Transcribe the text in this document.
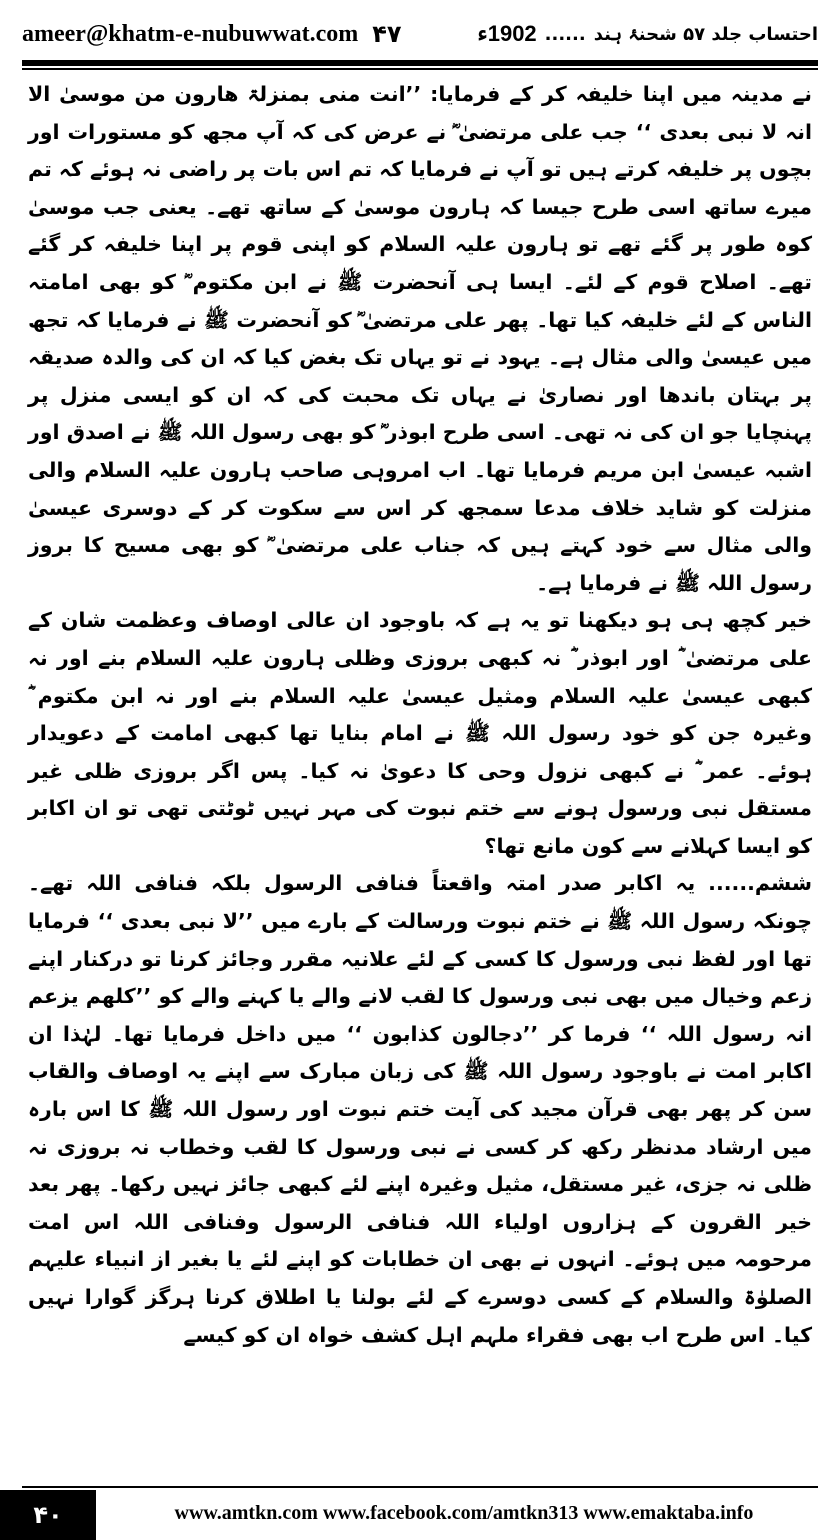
ameer@khatm-e-nubuwwat.com ۴۷	احتساب جلد ۵۷ شحنۂ ہند
......
1902ء

نے مدینہ میں اپنا خلیفہ کر کے فرمایا: ’’انت منی بمنزلۃ ھارون من موسیٰ الا انہ لا نبی بعدی ‘‘ جب علی مرتضیٰ ؓ نے عرض کی کہ آپ مجھ کو مستورات اور بچوں پر خلیفہ کرتے ہیں تو آپ نے فرمایا کہ تم اس بات پر راضی نہ ہوئے کہ تم میرے ساتھ اسی طرح جیسا کہ ہارون موسیٰ کے ساتھ تھے۔ یعنی جب موسیٰ کوہ طور پر گئے تھے تو ہارون علیہ السلام کو اپنی قوم پر اپنا خلیفہ کر گئے تھے۔ اصلاح قوم کے لئے۔ ایسا ہی آنحضرت ﷺ نے ابن مکتوم ؓ کو بھی امامتہ الناس کے لئے خلیفہ کیا تھا۔ پھر علی مرتضیٰ ؓ کو آنحضرت ﷺ نے فرمایا کہ تجھ میں عیسیٰ والی مثال ہے۔ یہود نے تو یہاں تک بغض کیا کہ ان کی والدہ صدیقہ پر بہتان باندھا اور نصاریٰ نے یہاں تک محبت کی کہ ان کو ایسی منزل پر پہنچایا جو ان کی نہ تھی۔ اسی طرح ابوذر ؓ کو بھی رسول اللہ ﷺ نے اصدق اور اشبہ عیسیٰ ابن مریم فرمایا تھا۔ اب امروہی صاحب ہارون علیہ السلام والی منزلت کو شاید خلاف مدعا سمجھ کر اس سے سکوت کر کے دوسری عیسیٰ والی مثال سے خود کہتے ہیں کہ جناب علی مرتضیٰ ؓ کو بھی مسیح کا بروز رسول اللہ ﷺ نے فرمایا ہے۔

خیر کچھ ہی ہو دیکھنا تو یہ ہے کہ باوجود ان عالی اوصاف وعظمت شان کے علی مرتضیٰ ؓ اور ابوذر ؓ نہ کبھی بروزی وظلی ہارون علیہ السلام بنے اور نہ کبھی عیسیٰ علیہ السلام ومثیل عیسیٰ علیہ السلام بنے اور نہ ابن مکتوم ؓ وغیرہ جن کو خود رسول اللہ ﷺ نے امام بنایا تھا کبھی امامت کے دعویدار ہوئے۔ عمر ؓ نے کبھی نزول وحی کا دعویٰ نہ کیا۔ پس اگر بروزی ظلی غیر مستقل نبی ورسول ہونے سے ختم نبوت کی مہر نہیں ٹوٹتی تھی تو ان اکابر کو ایسا کہلانے سے کون مانع تھا؟

ششم...... یہ اکابر صدر امتہ واقعتاً فنافی الرسول بلکہ فنافی اللہ تھے۔ چونکہ رسول اللہ ﷺ نے ختم نبوت ورسالت کے بارے میں ’’لا نبی بعدی ‘‘ فرمایا تھا اور لفظ نبی ورسول کا کسی کے لئے علانیہ مقرر وجائز کرنا تو درکنار اپنے زعم وخیال میں بھی نبی ورسول کا لقب لانے والے یا کہنے والے کو ’’کلھم یزعم انہ رسول اللہ ‘‘ فرما کر ’’دجالون کذابون ‘‘ میں داخل فرمایا تھا۔ لہٰذا ان اکابر امت نے باوجود رسول اللہ ﷺ کی زبان مبارک سے اپنے یہ اوصاف والقاب سن کر پھر بھی قرآن مجید کی آیت ختم نبوت اور رسول اللہ ﷺ کا اس بارہ میں ارشاد مدنظر رکھ کر کسی نے نبی ورسول کا لقب وخطاب نہ بروزی نہ ظلی نہ جزی، غیر مستقل، مثیل وغیرہ اپنے لئے کبھی جائز نہیں رکھا۔ پھر بعد خیر القرون کے ہزاروں اولیاء اللہ فنافی الرسول وفنافی اللہ اس امت مرحومہ میں ہوئے۔ انہوں نے بھی ان خطابات کو اپنے لئے یا بغیر از انبیاء علیہم الصلوٰۃ والسلام کے کسی دوسرے کے لئے بولنا یا اطلاق کرنا ہرگز گوارا نہیں کیا۔ اس طرح اب بھی فقراء ملہم اہل کشف خواہ ان کو کیسے

۴۰	www.amtkn.com www.facebook.com/amtkn313 www.emaktaba.info
